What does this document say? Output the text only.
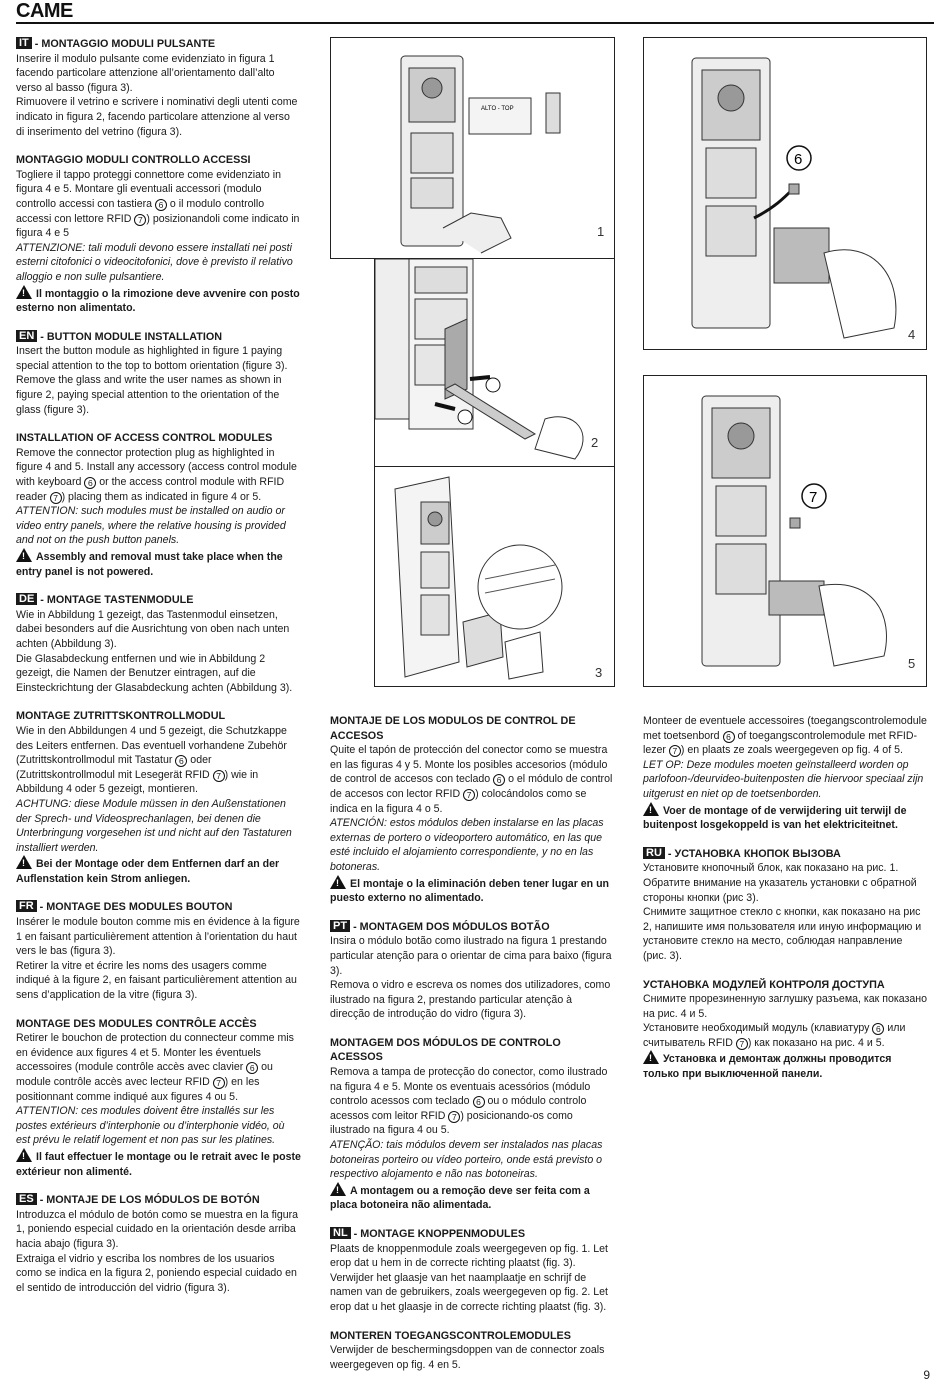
CAME

IT - MONTAGGIO MODULI PULSANTE

Inserire il modulo pulsante come evidenziato in figura 1 facendo particolare attenzione all’orientamento dall’alto verso al basso (figura 3).

Rimuovere il vetrino e scrivere i nominativi degli utenti come indicato in figura 2, facendo particolare attenzione al verso di inserimento del vetrino (figura 3).

MONTAGGIO MODULI CONTROLLO ACCESSI

Togliere il tappo proteggi connettore come evidenziato in figura 4 e 5. Montare gli eventuali accessori (modulo controllo accessi con tastiera 6 o il modulo controllo accessi con lettore RFID 7 ) posizionandoli come indicato in figura 4 e 5

ATTENZIONE: tali moduli devono essere installati nei posti esterni citofonici o videocitofonici, dove è previsto il relativo alloggio e non sulle pulsantiere.

!Il montaggio o la rimozione deve avvenire con posto esterno non alimentato.

EN - BUTTON MODULE INSTALLATION

Insert the button module as highlighted in figure 1 paying special attention to the top to bottom orientation (figure 3). Remove the glass and write the user names as shown in figure 2, paying special attention to the orientation of the glass (figure 3).

INSTALLATION OF ACCESS CONTROL MODULES

Remove the connector protection plug as highlighted in figure 4 and 5. Install any accessory (access control module with keyboard 6 or the access control module with RFID reader 7 ) placing them as indicated in figure 4 or 5.

ATTENTION: such modules must be installed on audio or video entry panels, where the relative housing is provided and not on the push button panels.

!Assembly and removal must take place when the entry panel is not powered.

DE - MONTAGE TASTENMODULE

Wie in Abbildung 1 gezeigt, das Tastenmodul einsetzen, dabei besonders auf die Ausrichtung von oben nach unten achten (Abbildung 3).

Die Glasabdeckung entfernen und wie in Abbildung 2 gezeigt, die Namen der Benutzer eintragen, auf die Einsteckrichtung der Glasabdeckung achten (Abbildung 3).

MONTAGE ZUTRITTSKONTROLLMODUL

Wie in den Abbildungen 4 und 5 gezeigt, die Schutzkappe des Leiters entfernen. Das eventuell vorhandene Zubehör (Zutrittskontrollmodul mit Tastatur 6 oder (Zutrittskontrollmodul mit Lesegerät RFID 7 ) wie in Abbildung 4 oder 5 gezeigt, montieren.

ACHTUNG: diese Module müssen in den Außenstationen der Sprech- und Videosprechanlagen, bei denen die Unterbringung vorgesehen ist und nicht auf den Tastaturen installiert werden.

!Bei der Montage oder dem Entfernen darf an der Auflenstation kein Strom anliegen.

FR - MONTAGE DES MODULES BOUTON

Insérer le module bouton comme mis en évidence à la figure 1 en faisant particulièrement attention à l’orientation du haut vers le bas (figura 3).

Retirer la vitre et écrire les noms des usagers comme indiqué à la figure 2, en faisant particulièrement attention au sens d’application de la vitre (figura 3).

MONTAGE DES MODULES CONTRÔLE ACCÈS

Retirer le bouchon de protection du connecteur comme mis en évidence aux figures 4 et 5. Monter les éventuels accessoires (module contrôle accès avec clavier 6 ou module contrôle accès avec lecteur RFID 7 ) en les positionnant comme indiqué aux figures 4 ou 5.

ATTENTION: ces modules doivent être installés sur les postes extérieurs d’interphonie ou d’interphonie vidéo, où est prévu le relatif logement et non pas sur les platines.

!Il faut effectuer le montage ou le retrait avec le poste extérieur non alimenté.

ES - MONTAJE DE LOS MÓDULOS DE BOTÓN

Introduzca el módulo de botón como se muestra en la figura 1, poniendo especial cuidado en la orientación desde arriba hacia abajo (figura 3).

Extraiga el vidrio y escriba los nombres de los usuarios como se indica en la figura 2, poniendo especial cuidado en el sentido de introducción del vidrio (figura 3).

MONTAJE DE LOS MODULOS DE CONTROL DE ACCESOS

Quite el tapón de protección del conector como se muestra en las figuras 4 y 5. Monte los posibles accesorios (módulo de control de accesos con teclado 6 o el módulo de control de accesos con lector RFID 7 ) colocándolos como se indica en la figura 4 o 5.

ATENCIÓN: estos módulos deben instalarse en las placas externas de portero o videoportero automático, en las que esté incluido el alojamiento correspondiente, y no en las botoneras.

!El montaje o la eliminación deben tener lugar en un puesto externo no alimentado.

PT - MONTAGEM DOS MÓDULOS BOTÃO

Insira o módulo botão como ilustrado na figura 1 prestando particular atenção para o orientar de cima para baixo (figura 3).

Remova o vidro e escreva os nomes dos utilizadores, como ilustrado na figura 2, prestando particular atenção à direcção de introdução do vidro (figura 3).

MONTAGEM DOS MÓDULOS DE CONTROLO ACESSOS

Remova a tampa de protecção do conector, como ilustrado na figura 4 e 5. Monte os eventuais acessórios (módulo controlo acessos com teclado 6 ou o módulo controlo acessos com leitor RFID 7 ) posicionando-os como ilustrado na figura 4 ou 5.

ATENÇÃO: tais módulos devem ser instalados nas placas botoneiras porteiro ou vídeo porteiro, onde está previsto o respectivo alojamento e não nas botoneiras.

!A montagem ou a remoção deve ser feita com a placa botoneira não alimentada.

NL - MONTAGE KNOPPENMODULES

Plaats de knoppenmodule zoals weergegeven op fig. 1. Let erop dat u hem in de correcte richting plaatst (fig. 3). Verwijder het glaasje van het naamplaatje en schrijf de namen van de gebruikers, zoals weergegeven op fig. 2. Let erop dat u het glaasje in de correcte richting plaatst (fig. 3).

MONTEREN TOEGANGSCONTROLEMODULES

Verwijder de beschermingsdoppen van de connector zoals weergegeven op fig. 4 en 5.

Monteer de eventuele accessoires (toegangscontrolemodule met toetsenbord 6 of toegangscontrolemodule met RFID-lezer 7 ) en plaats ze zoals weergegeven op fig. 4 of 5.

LET OP: Deze modules moeten geïnstalleerd worden op parlofoon-/deurvideo-buitenposten die hiervoor speciaal zijn uitgerust en niet op de toetsenborden.

!Voer de montage of de verwijdering uit terwijl de buitenpost losgekoppeld is van het elektriciteitnet.

RU - УСТАНОВКА КНОПОК ВЫЗОВА

Установите кнопочный блок, как показано на рис. 1. Обратите внимание на указатель установки с обратной стороны кнопки (рис 3).

Снимите защитное стекло с кнопки, как показано на рис 2, напишите имя пользователя или иную информацию и установите стекло на место, соблюдая направление (рис. 3).

УСТАНОВКА МОДУЛЕЙ КОНТРОЛЯ ДОСТУПА

Снимите прорезиненную заглушку разъема, как показано на рис. 4 и 5.

Установите необходимый модуль (клавиатуру 6 или считыватель RFID 7 ) как показано на рис. 4 и 5.

!Установка и демонтаж должны проводится только при выключенной панели.

ALTO - TOP
1
2
3
6
4
7
5
9
